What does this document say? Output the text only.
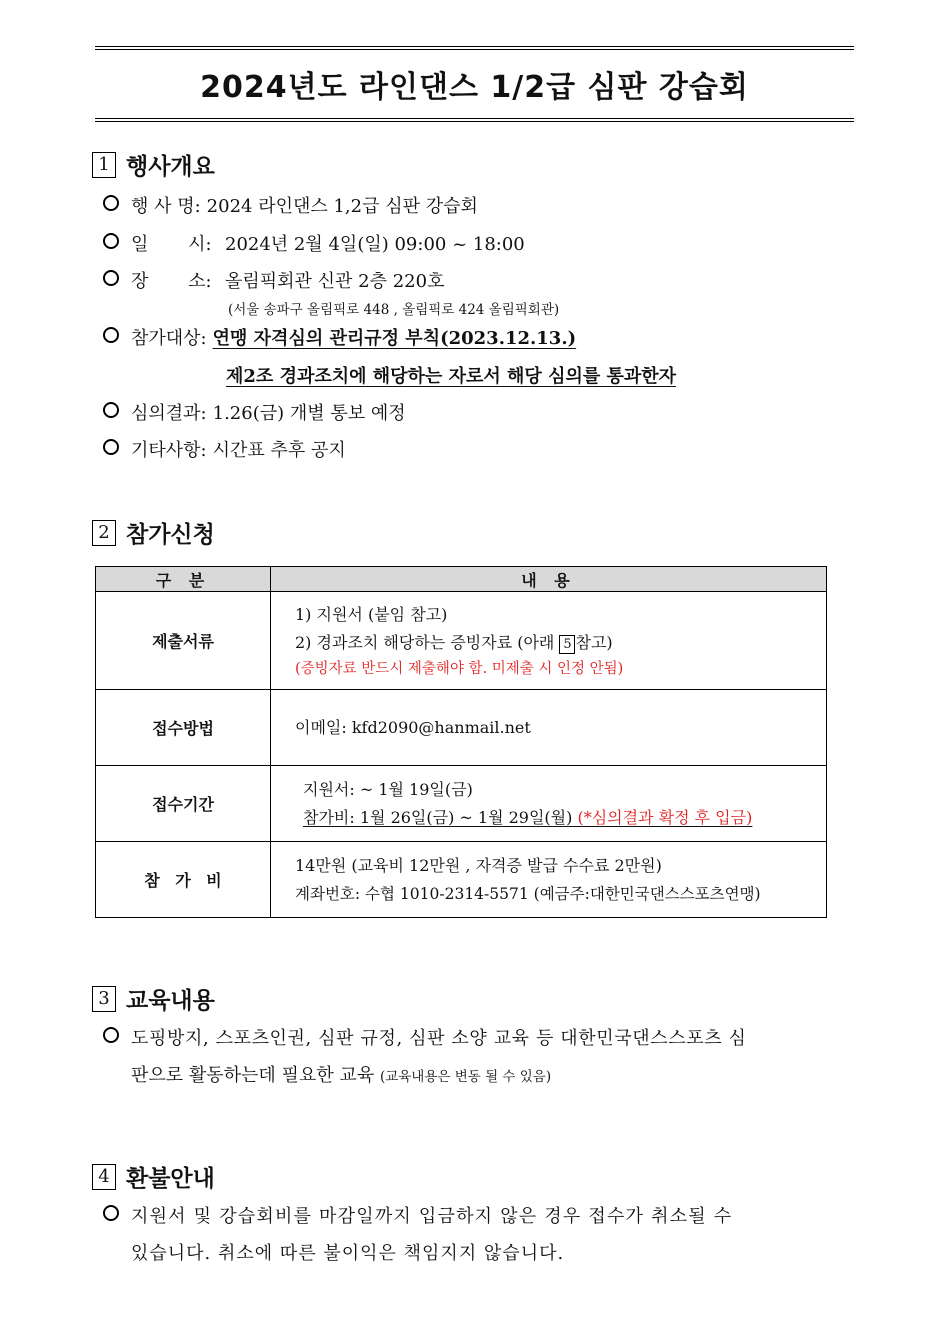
2024년도 라인댄스 1/2급 심판 강습회
1 행사개요
행 사 명: 2024 라인댄스 1,2급 심판 강습회
일 시: 2024년 2월 4일(일) 09:00 ~ 18:00
장 소: 올림픽회관 신관 2층 220호
(서울 송파구 올림픽로 448 , 올림픽로 424 올림픽회관)
참가대상: 연맹 자격심의 관리규정 부칙(2023.12.13.)
제2조 경과조치에 해당하는 자로서 해당 심의를 통과한자
심의결과: 1.26(금) 개별 통보 예정
기타사항: 시간표 추후 공지
2 참가신청
구 분	내 용
제출서류	1) 지원서 (붙임 참고)
2) 경과조치 해당하는 증빙자료 (아래 5 참고)
(증빙자료 반드시 제출해야 함. 미제출 시 인정 안됨)

접수방법	이메일: kfd2090@hanmail.net
접수기간	지원서: ~ 1월 19일(금)
참가비: 1월 26일(금) ~ 1월 29일(월) (*심의결과 확정 후 입금)

참 가 비	14만원 (교육비 12만원 , 자격증 발급 수수료 2만원)
계좌번호: 수협 1010-2314-5571 (예금주:대한민국댄스스포츠연맹)
3 교육내용
도핑방지, 스포츠인권, 심판 규정, 심판 소양 교육 등 대한민국댄스스포츠 심
판으로 활동하는데 필요한 교육 (교육내용은 변동 될 수 있음)
4 환불안내
지원서 및 강습회비를 마감일까지 입금하지 않은 경우 접수가 취소될 수
있습니다. 취소에 따른 불이익은 책임지지 않습니다.
